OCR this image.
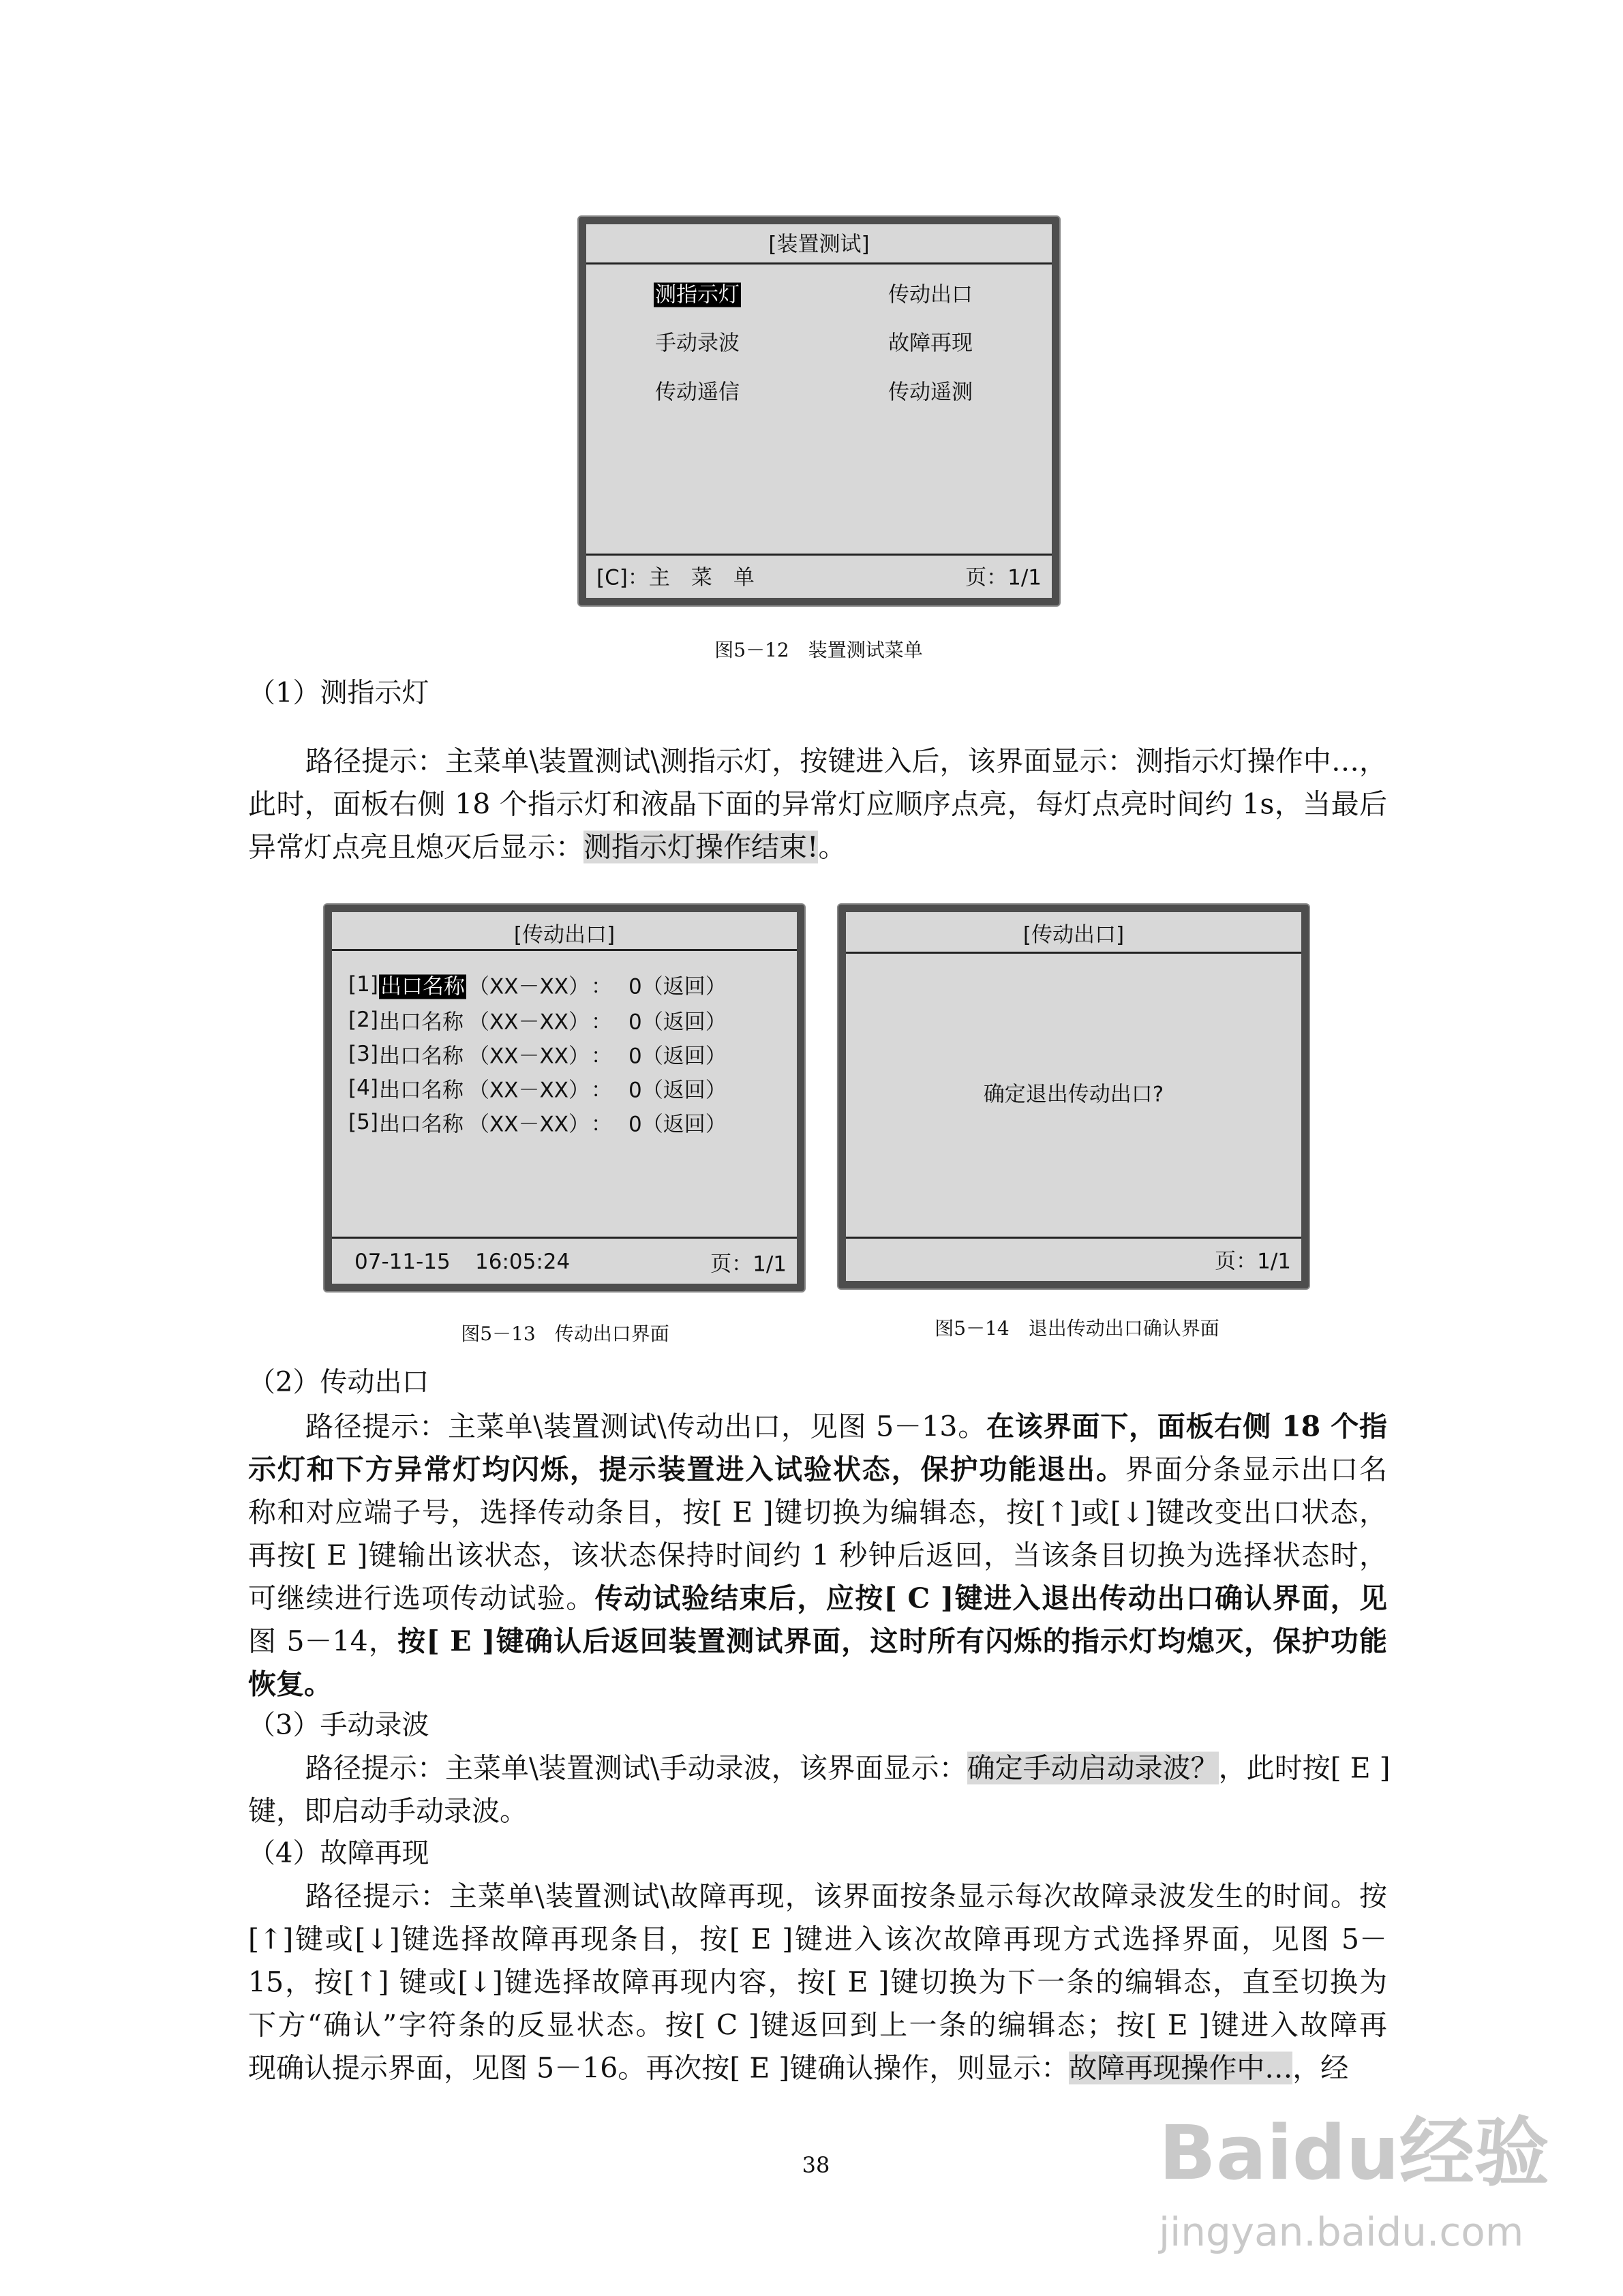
[装置测试]
测指示灯	传动出口
手动录波	故障再现
传动遥信	传动遥测
[C]：主　菜　单	页：1/1
图5－12　装置测试菜单
（1）测指示灯
路径提示：主菜单\装置测试\测指示灯，按键进入后，该界面显示：测指示灯操作中…，
此时，面板右侧 18 个指示灯和液晶下面的异常灯应顺序点亮，每灯点亮时间约 1s，当最后
异常灯点亮且熄灭后显示：测指示灯操作结束!。
[传动出口]
[1] 出口名称 （XX－XX） ： 0（返回）
[2] 出口名称 （XX－XX） ： 0（返回）
[3] 出口名称 （XX－XX） ： 0（返回）
[4] 出口名称 （XX－XX） ： 0（返回）
[5] 出口名称 （XX－XX） ： 0（返回）
07-11-15 16:05:24	页：1/1
图5－13　传动出口界面
[传动出口]
确定退出传动出口?
页：1/1
图5－14　退出传动出口确认界面
（2）传动出口
路径提示：主菜单\装置测试\传动出口，见图 5－13。在该界面下，面板右侧 18 个指
示灯和下方异常灯均闪烁，提示装置进入试验状态，保护功能退出。界面分条显示出口名
称和对应端子号，选择传动条目，按[ E ]键切换为编辑态，按[↑]或[↓]键改变出口状态，
再按[ E ]键输出该状态，该状态保持时间约 1 秒钟后返回，当该条目切换为选择状态时，
可继续进行选项传动试验。传动试验结束后，应按[ C ]键进入退出传动出口确认界面，见
图 5－14，按[ E ]键确认后返回装置测试界面，这时所有闪烁的指示灯均熄灭，保护功能
恢复。
（3）手动录波
路径提示：主菜单\装置测试\手动录波，该界面显示：确定手动启动录波？，此时按[ E ]
键，即启动手动录波。
（4）故障再现
路径提示：主菜单\装置测试\故障再现，该界面按条显示每次故障录波发生的时间。按
[↑]键或[↓]键选择故障再现条目，按[ E ]键进入该次故障再现方式选择界面，见图 5－
15，按[↑] 键或[↓]键选择故障再现内容，按[ E ]键切换为下一条的编辑态，直至切换为
下方“确认”字符条的反显状态。按[ C ]键返回到上一条的编辑态；按[ E ]键进入故障再
现确认提示界面，见图 5－16。再次按[ E ]键确认操作，则显示：故障再现操作中…，经
38	Baidu经验
jingyan.baidu.com
